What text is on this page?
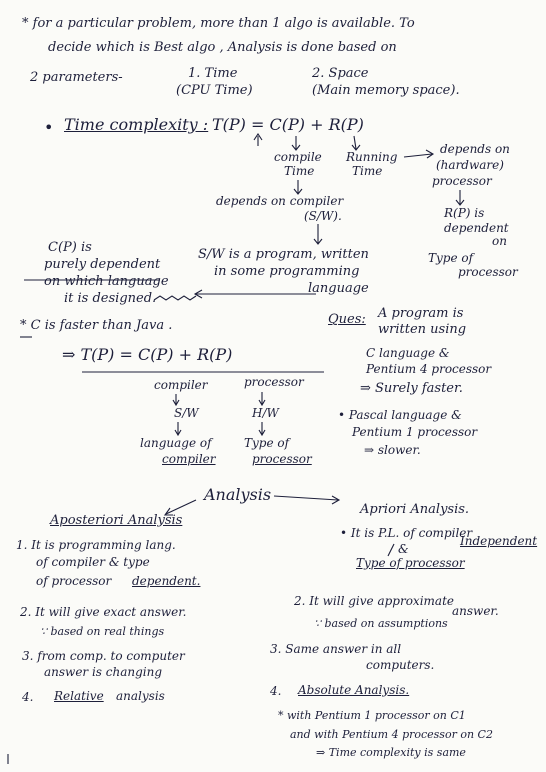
* for a particular problem, more than 1 algo is available. To
decide which is Best algo , Analysis is done based on
2 parameters-	1. Time
(CPU Time)
2. Space
(Main memory space).
• Time complexity : T(P) = C(P) + R(P)
compile
Time
Running
Time
depends on
(hardware)
processor
R(P) is
dependent
on
Type of
processor
depends on compiler
(S/W).
S/W is a program, written
in some programming
language
C(P) is
purely dependent
on which language
it is designed.
* C is faster than Java .
⇒ T(P) = C(P) + R(P)
compiler
S/W
language of
compiler
processor
H/W
Type of
processor
Ques: A program is
written using
C language &
Pentium 4 processor
⇒ Surely faster.
• Pascal language &
Pentium 1 processor
⇒ slower.
Analysis
Aposteriori Analysis
1. It is programming lang.
of compiler & type
of processor dependent.
2. It will give exact answer.
∵ based on real things
3. from comp. to computer
answer is changing
4. Relative analysis
Apriori Analysis.
• It is P.L. of compiler
&
Type of processor
Independent
2. It will give approximate
answer.
∵ based on assumptions
3. Same answer in all
computers.
4. Absolute Analysis.
* with Pentium 1 processor on C1
and with Pentium 4 processor on C2
⇒ Time complexity is same
